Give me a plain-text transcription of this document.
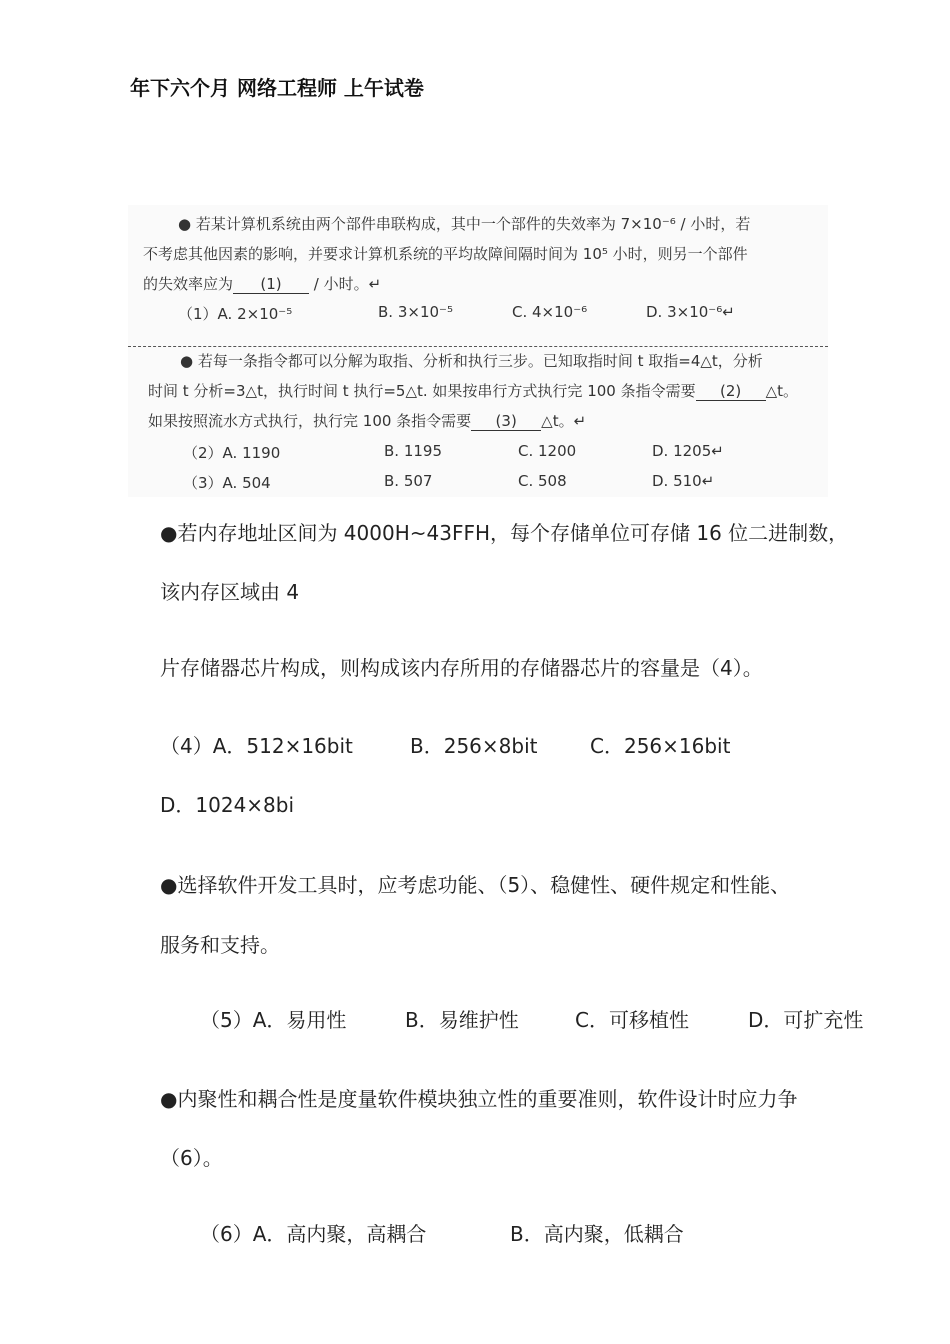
年下六个月 网络工程师 上午试卷
● 若某计算机系统由两个部件串联构成，其中一个部件的失效率为 7×10⁻⁶ / 小时，若
不考虑其他因素的影响，并要求计算机系统的平均故障间隔时间为 10⁵ 小时，则另一个部件
的失效率应为 (1) / 小时。↵
（1）A. 2×10⁻⁵	B. 3×10⁻⁵	C. 4×10⁻⁶	D. 3×10⁻⁶↵
● 若每一条指令都可以分解为取指、分析和执行三步。已知取指时间 t 取指=4△t，分析
时间 t 分析=3△t，执行时间 t 执行=5△t. 如果按串行方式执行完 100 条指令需要 (2) △t。
如果按照流水方式执行，执行完 100 条指令需要 (3) △t。↵
（2）A. 1190	B. 1195	C. 1200	D. 1205↵
（3）A. 504	B. 507	C. 508	D. 510↵
●若内存地址区间为 4000H~43FFH，每个存储单位可存储 16 位二进制数，
该内存区域由 4
片存储器芯片构成，则构成该内存所用的存储器芯片的容量是（4）。
（4）A．512×16bit	B．256×8bit	C．256×16bit
D．1024×8bi
●选择软件开发工具时，应考虑功能、（5）、稳健性、硬件规定和性能、
服务和支持。
（5）A．易用性	B．易维护性	C．可移植性	D．可扩充性
●内聚性和耦合性是度量软件模块独立性的重要准则，软件设计时应力争
（6）。
（6）A．高内聚，高耦合	B．高内聚，低耦合
